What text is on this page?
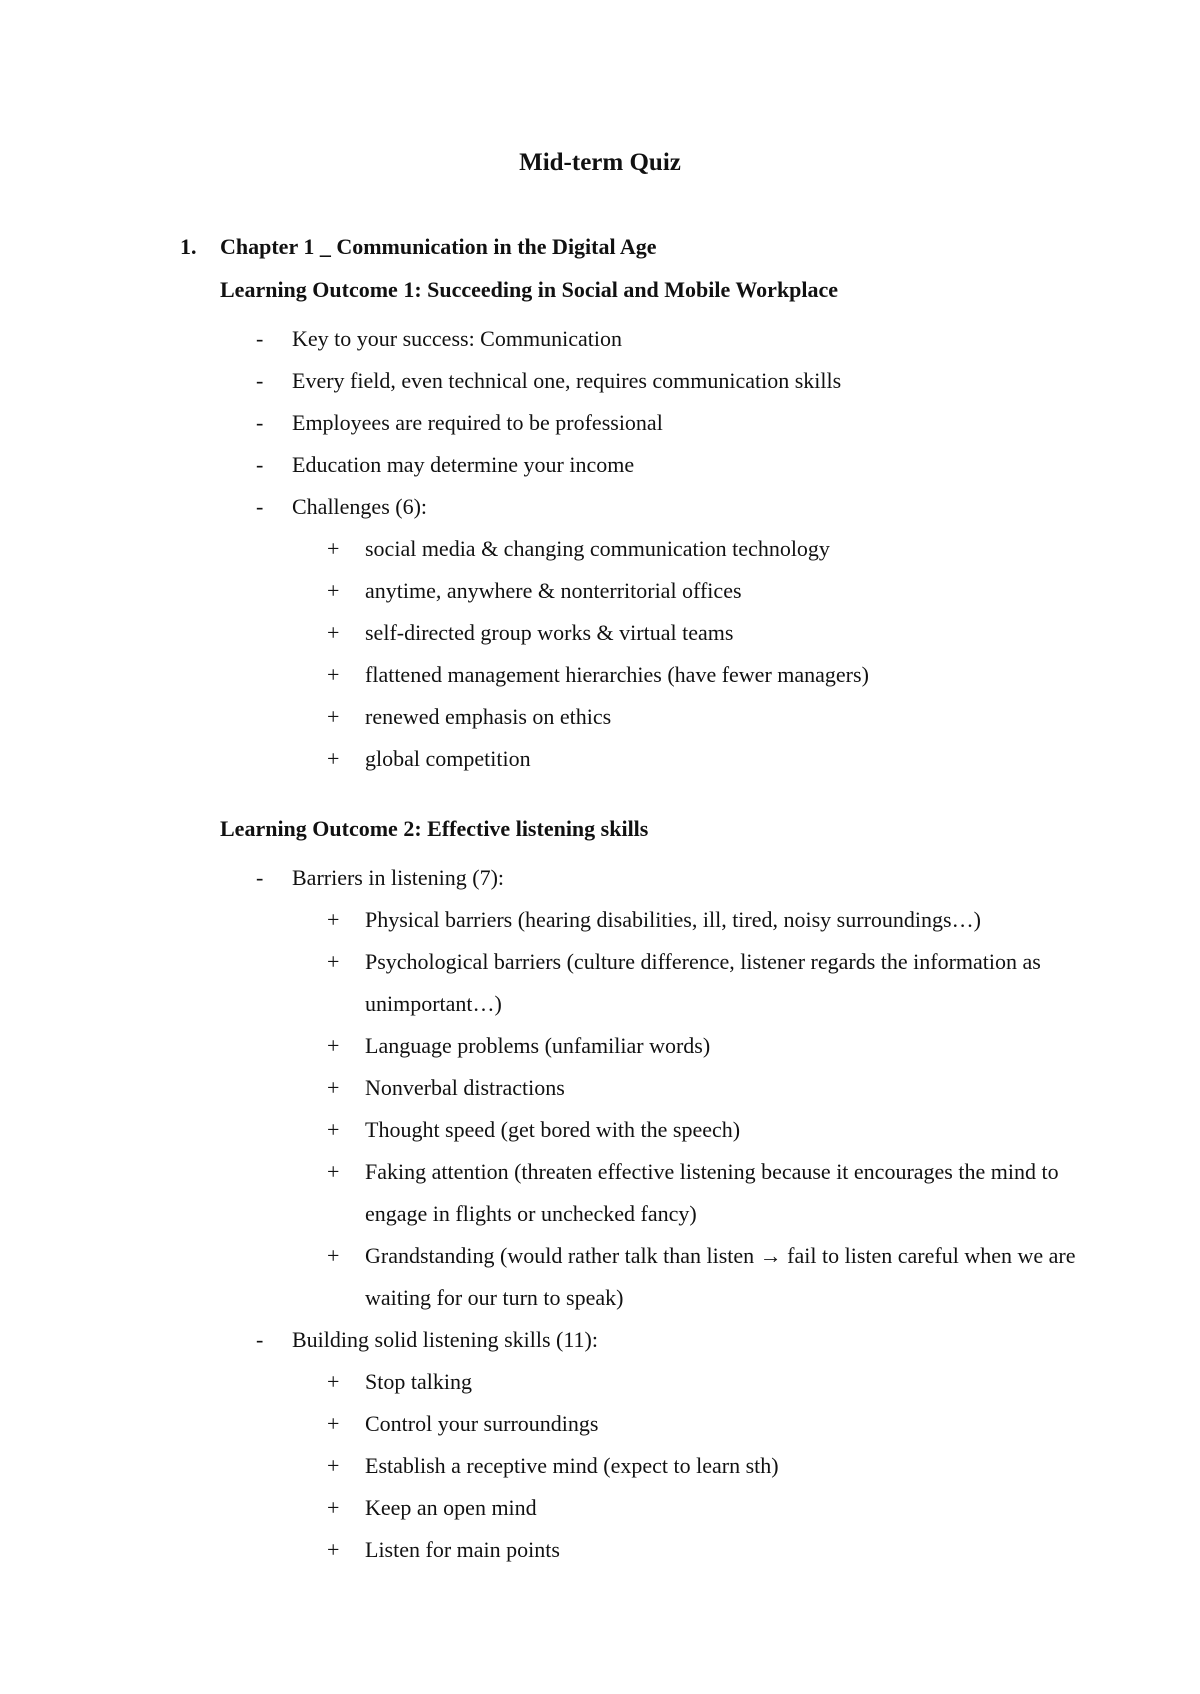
Mid-term Quiz

1. Chapter 1 _ Communication in the Digital Age

Learning Outcome 1: Succeeding in Social and Mobile Workplace

- Key to your success: Communication
- Every field, even technical one, requires communication skills
- Employees are required to be professional
- Education may determine your income
- Challenges (6):
+ social media & changing communication technology
+ anytime, anywhere & nonterritorial offices
+ self-directed group works & virtual teams
+ flattened management hierarchies (have fewer managers)
+ renewed emphasis on ethics
+ global competition

Learning Outcome 2: Effective listening skills

- Barriers in listening (7):
+ Physical barriers (hearing disabilities, ill, tired, noisy surroundings…)
+ Psychological barriers (culture difference, listener regards the information as unimportant…)
+ Language problems (unfamiliar words)
+ Nonverbal distractions
+ Thought speed (get bored with the speech)
+ Faking attention (threaten effective listening because it encourages the mind to engage in flights or unchecked fancy)
+ Grandstanding (would rather talk than listen → fail to listen careful when we are waiting for our turn to speak)
- Building solid listening skills (11):
+ Stop talking
+ Control your surroundings
+ Establish a receptive mind (expect to learn sth)
+ Keep an open mind
+ Listen for main points
